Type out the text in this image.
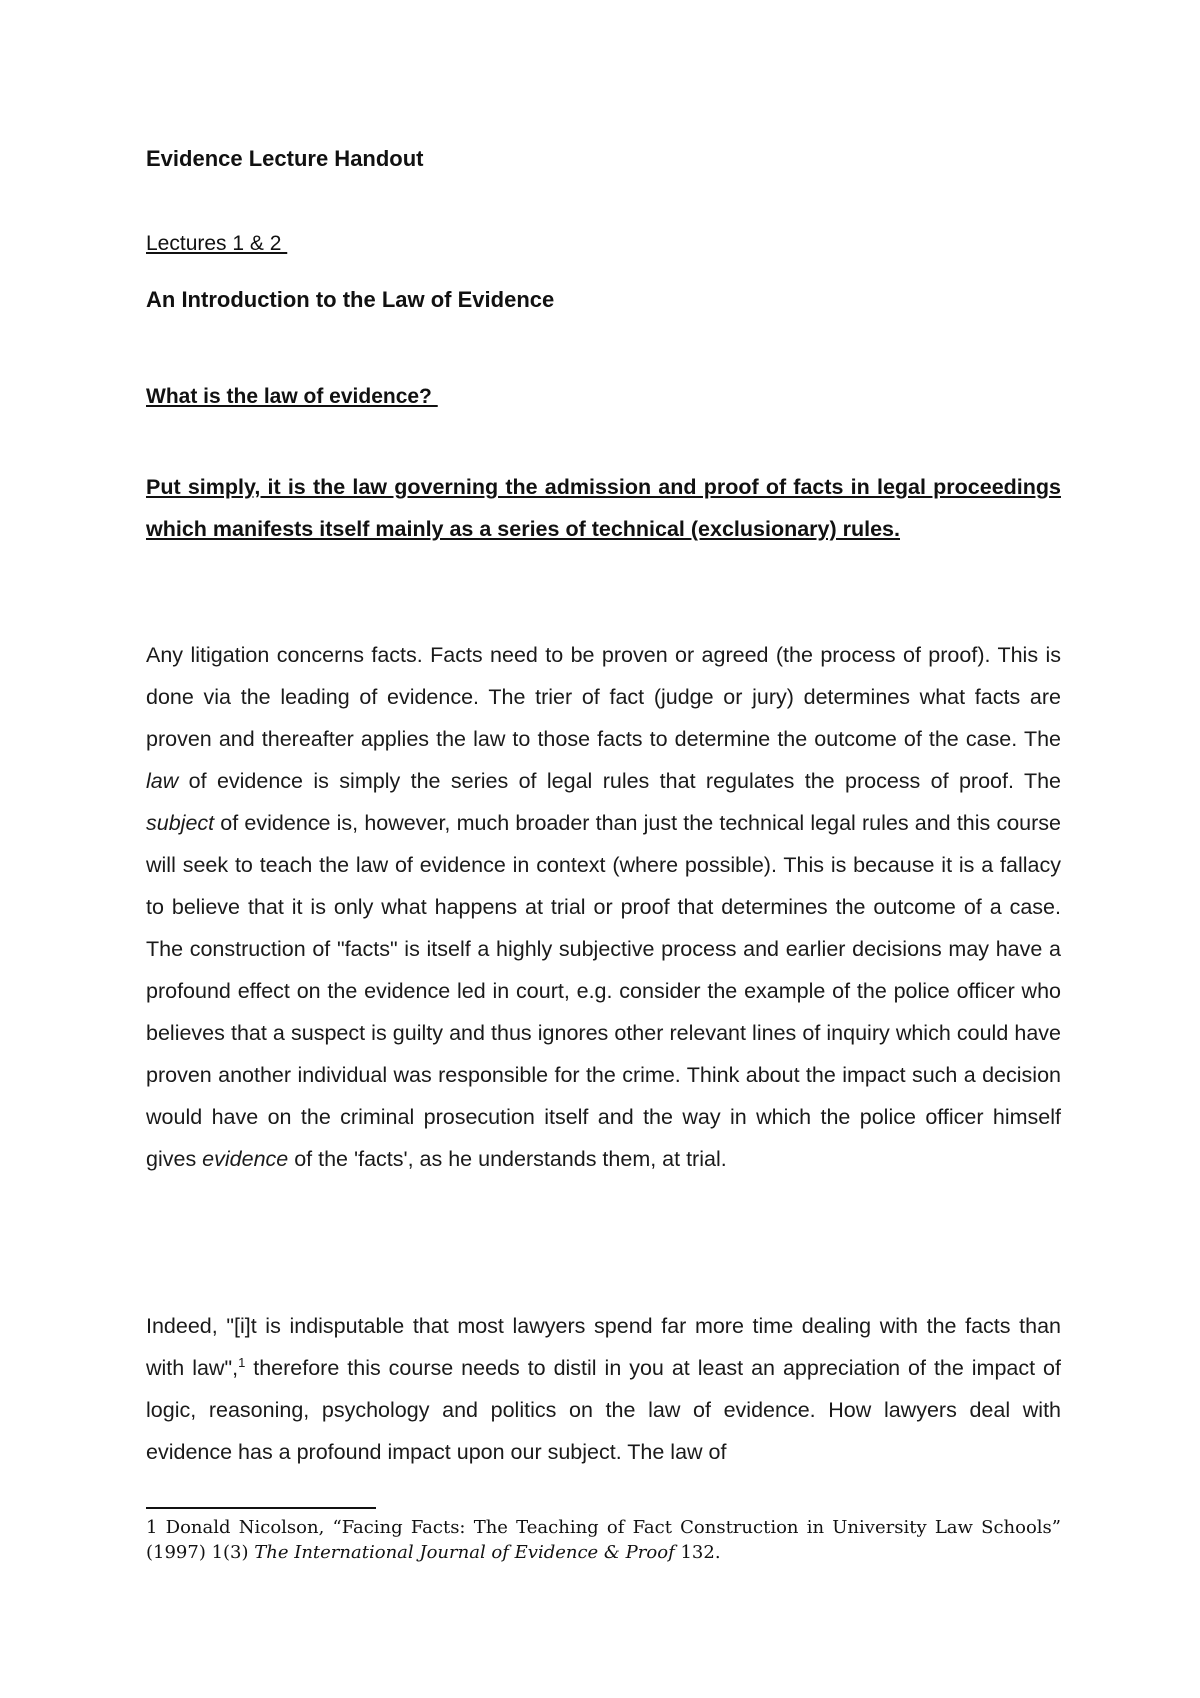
Evidence Lecture Handout
Lectures 1 & 2
An Introduction to the Law of Evidence
What is the law of evidence?

Put simply, it is the law governing the admission and proof of facts in legal proceedings which manifests itself mainly as a series of technical (exclusionary) rules.

Any litigation concerns facts. Facts need to be proven or agreed (the process of proof). This is done via the leading of evidence. The trier of fact (judge or jury) determines what facts are proven and thereafter applies the law to those facts to determine the outcome of the case. The law of evidence is simply the series of legal rules that regulates the process of proof. The subject of evidence is, however, much broader than just the technical legal rules and this course will seek to teach the law of evidence in context (where possible). This is because it is a fallacy to believe that it is only what happens at trial or proof that determines the outcome of a case. The construction of "facts" is itself a highly subjective process and earlier decisions may have a profound effect on the evidence led in court, e.g. consider the example of the police officer who believes that a suspect is guilty and thus ignores other relevant lines of inquiry which could have proven another individual was responsible for the crime. Think about the impact such a decision would have on the criminal prosecution itself and the way in which the police officer himself gives evidence of the 'facts', as he understands them, at trial.

Indeed, "[i]t is indisputable that most lawyers spend far more time dealing with the facts than with law",$^1$ therefore this course needs to distil in you at least an appreciation of the impact of logic, reasoning, psychology and politics on the law of evidence. How lawyers deal with evidence has a profound impact upon our subject. The law of

1 Donald Nicolson, “Facing Facts: The Teaching of Fact Construction in University Law Schools” (1997) 1(3) The International Journal of Evidence & Proof 132.
